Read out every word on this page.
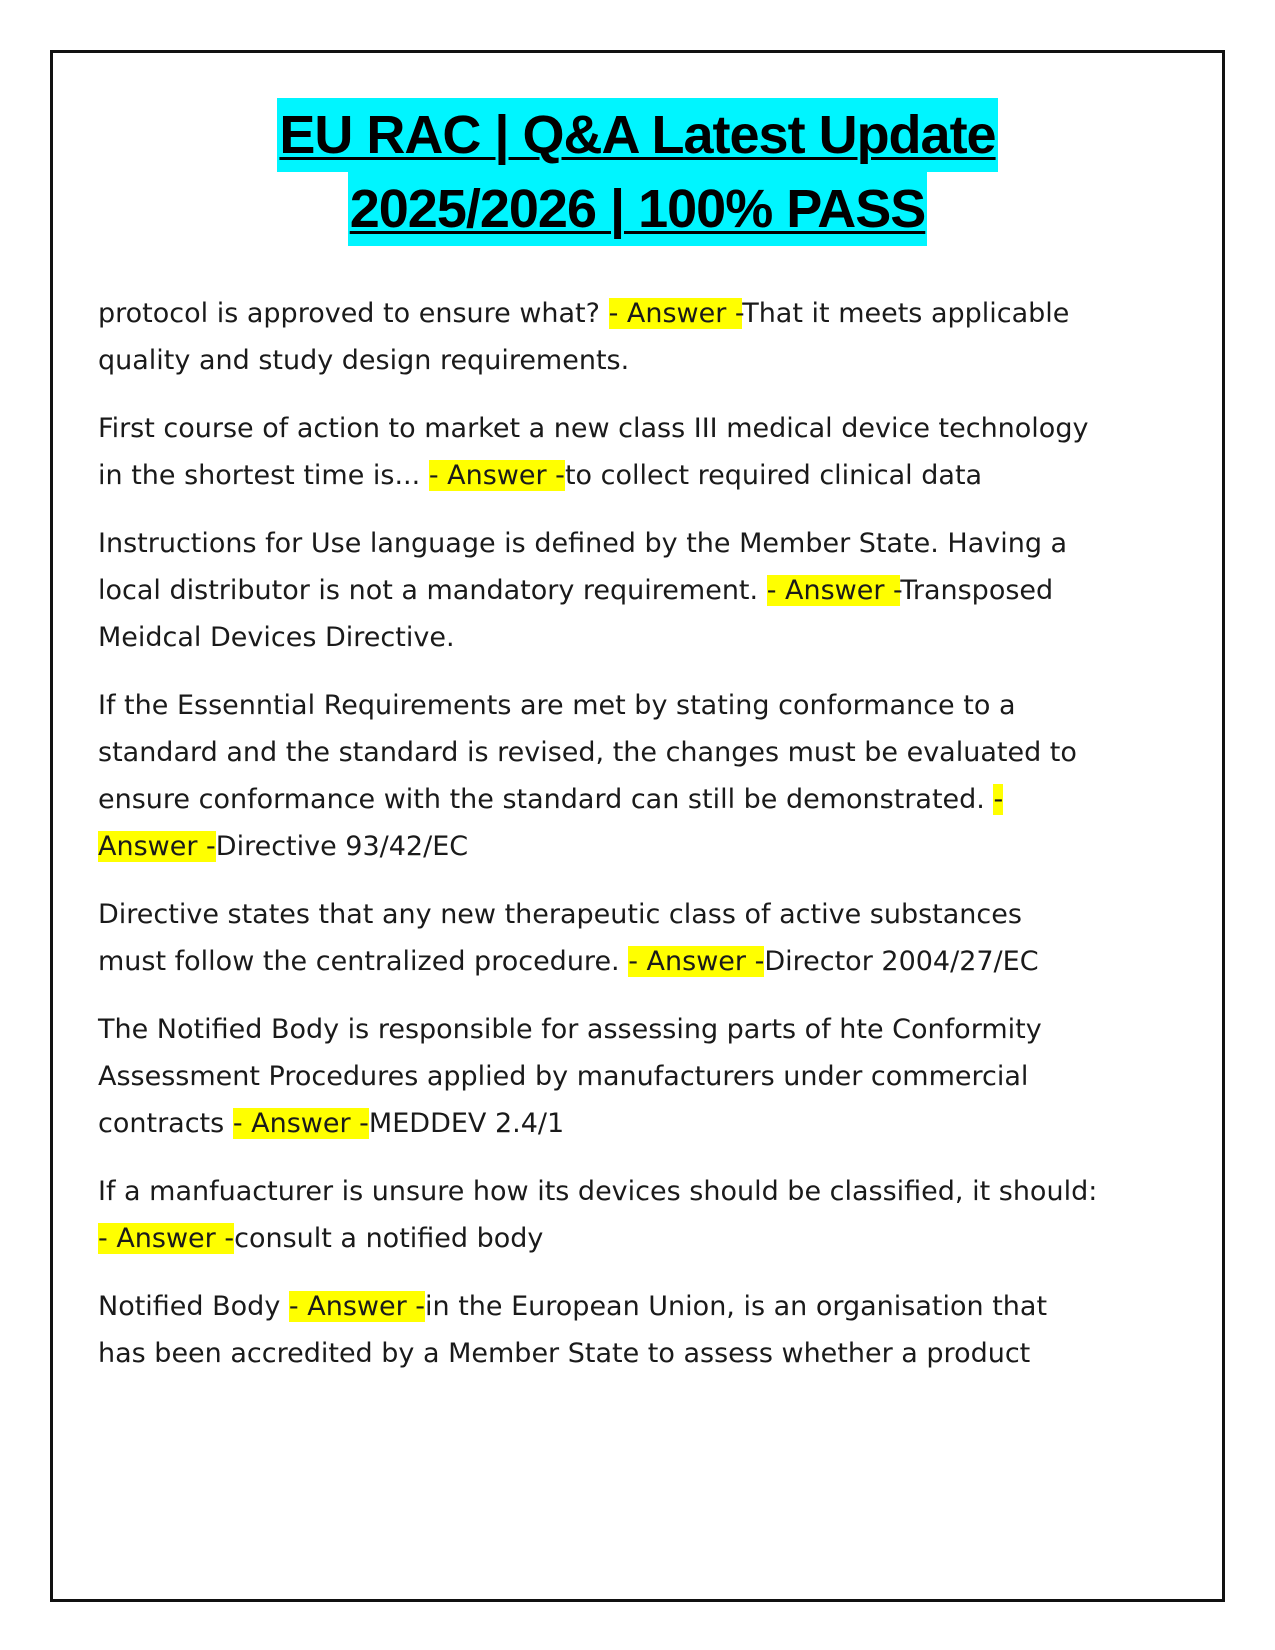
EU RAC | Q&A Latest Update
2025/2026 | 100% PASS

protocol is approved to ensure what? - Answer -That it meets applicable quality and study design requirements.

First course of action to market a new class III medical device technology in the shortest time is... - Answer -to collect required clinical data

Instructions for Use language is defined by the Member State. Having a local distributor is not a mandatory requirement. - Answer -Transposed Meidcal Devices Directive.

If the Essenntial Requirements are met by stating conformance to a standard and the standard is revised, the changes must be evaluated to ensure conformance with the standard can still be demonstrated. - Answer -Directive 93/42/EC

Directive states that any new therapeutic class of active substances must follow the centralized procedure. - Answer -Director 2004/27/EC

The Notified Body is responsible for assessing parts of hte Conformity Assessment Procedures applied by manufacturers under commercial contracts - Answer -MEDDEV 2.4/1

If a manfuacturer is unsure how its devices should be classified, it should: - Answer -consult a notified body

Notified Body - Answer -in the European Union, is an organisation that has been accredited by a Member State to assess whether a product
